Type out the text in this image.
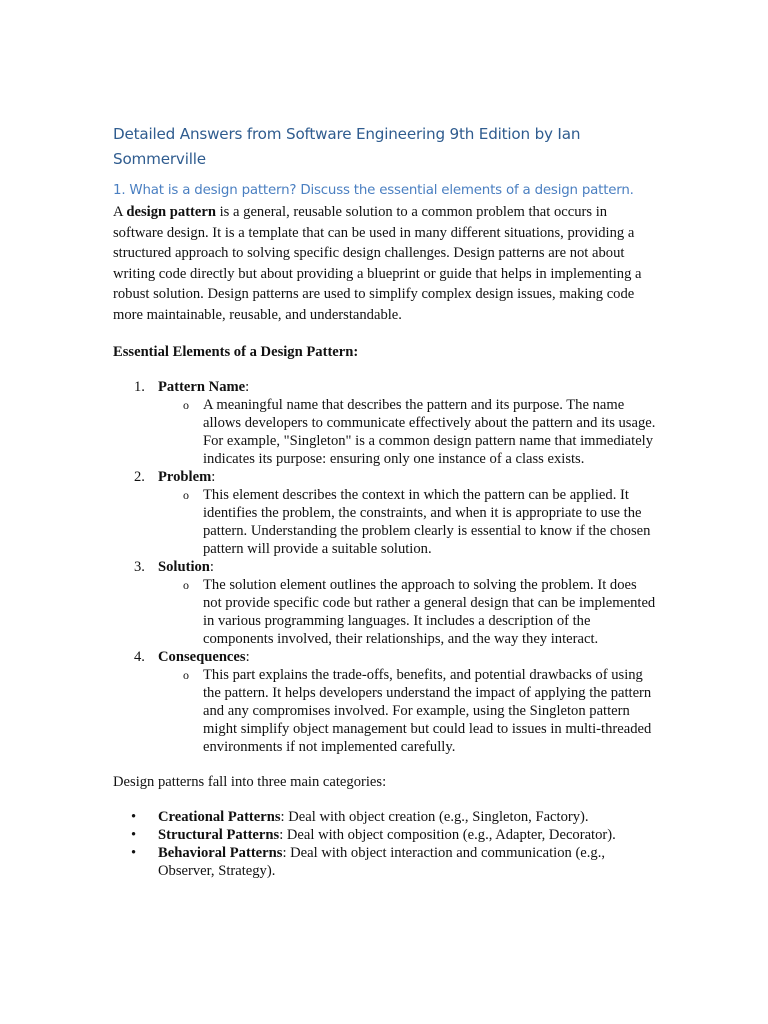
Detailed Answers from Software Engineering 9th Edition by Ian Sommerville
1. What is a design pattern? Discuss the essential elements of a design pattern.

A design pattern is a general, reusable solution to a common problem that occurs in software design. It is a template that can be used in many different situations, providing a structured approach to solving specific design challenges. Design patterns are not about writing code directly but about providing a blueprint or guide that helps in implementing a robust solution. Design patterns are used to simplify complex design issues, making code more maintainable, reusable, and understandable.

Essential Elements of a Design Pattern:

1. Pattern Name:
o A meaningful name that describes the pattern and its purpose. The name allows developers to communicate effectively about the pattern and its usage. For example, "Singleton" is a common design pattern name that immediately indicates its purpose: ensuring only one instance of a class exists.
2. Problem:
o This element describes the context in which the pattern can be applied. It identifies the problem, the constraints, and when it is appropriate to use the pattern. Understanding the problem clearly is essential to know if the chosen pattern will provide a suitable solution.
3. Solution:
o The solution element outlines the approach to solving the problem. It does not provide specific code but rather a general design that can be implemented in various programming languages. It includes a description of the components involved, their relationships, and the way they interact.
4. Consequences:
o This part explains the trade-offs, benefits, and potential drawbacks of using the pattern. It helps developers understand the impact of applying the pattern and any compromises involved. For example, using the Singleton pattern might simplify object management but could lead to issues in multi-threaded environments if not implemented carefully.

Design patterns fall into three main categories:

• Creational Patterns: Deal with object creation (e.g., Singleton, Factory).
• Structural Patterns: Deal with object composition (e.g., Adapter, Decorator).
• Behavioral Patterns: Deal with object interaction and communication (e.g., Observer, Strategy).
